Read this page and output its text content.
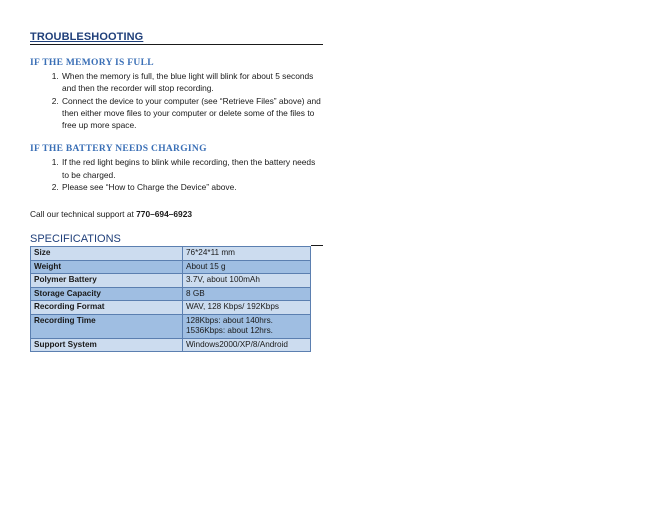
TROUBLESHOOTING
IF THE MEMORY IS FULL
1. When the memory is full, the blue light will blink for about 5 seconds and then the recorder will stop recording.
2. Connect the device to your computer (see “Retrieve Files” above) and then either move files to your computer or delete some of the files to free up more space.
IF THE BATTERY NEEDS CHARGING
1. If the red light begins to blink while recording, then the battery needs to be charged.
2. Please see “How to Charge the Device” above.

Call our technical support at 770–694–6923

SPECIFICATIONS
Size	76*24*11 mm
Weight	About 15 g
Polymer Battery	3.7V, about 100mAh
Storage Capacity	8 GB
Recording Format	WAV, 128 Kbps/ 192Kbps
Recording Time	128Kbps: about 140hrs.
1536Kbps: about 12hrs.

Support System	Windows2000/XP/8/Android
